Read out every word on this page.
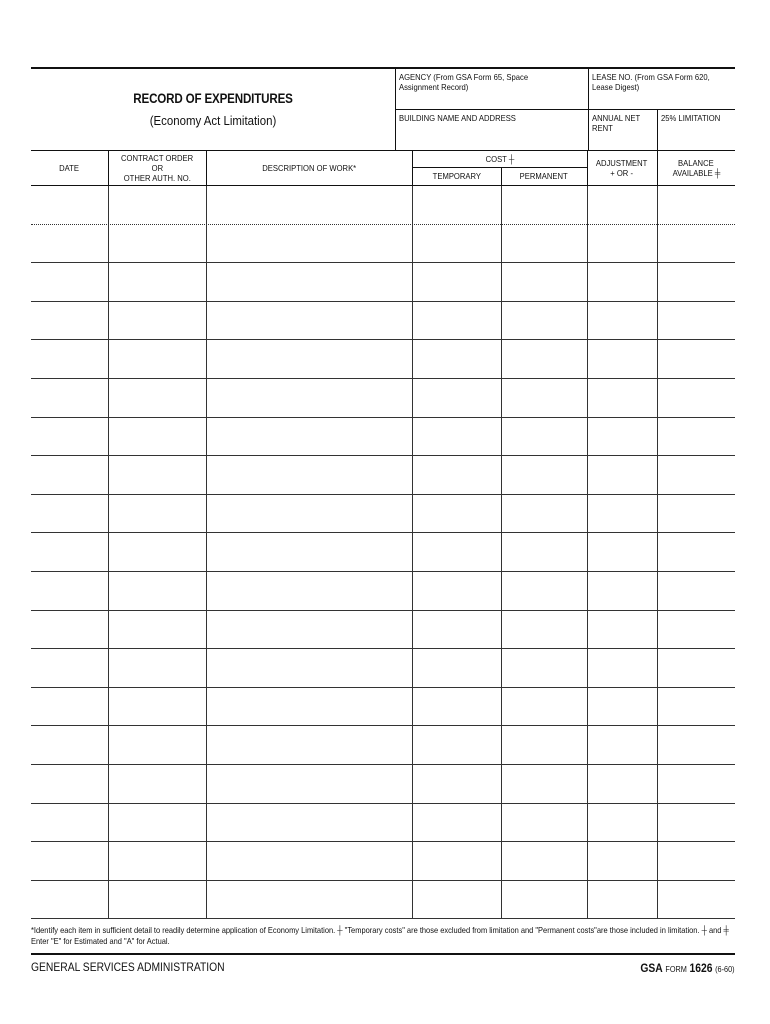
RECORD OF EXPENDITURES
(Economy Act Limitation)
AGENCY (From GSA Form 65, Space Assignment Record)
LEASE NO. (From GSA Form 620, Lease Digest)
BUILDING NAME AND ADDRESS	ANNUAL NET RENT
25% LIMITATION
DATE
CONTRACT ORDER
OR
OTHER AUTH. NO.
DESCRIPTION OF WORK*
COST ┼
TEMPORARY	PERMANENT
ADJUSTMENT
+ OR -
BALANCE
AVAILABLE ╪
*Identify each item in sufficient detail to readily determine application of Economy Limitation. ┼ "Temporary costs" are those excluded from limitation and "Permanent costs"are those included in limitation. ┼ and ╪
Enter "E" for Estimated and "A" for Actual.
GENERAL SERVICES ADMINISTRATION	GSA FORM 1626 (6-60)
